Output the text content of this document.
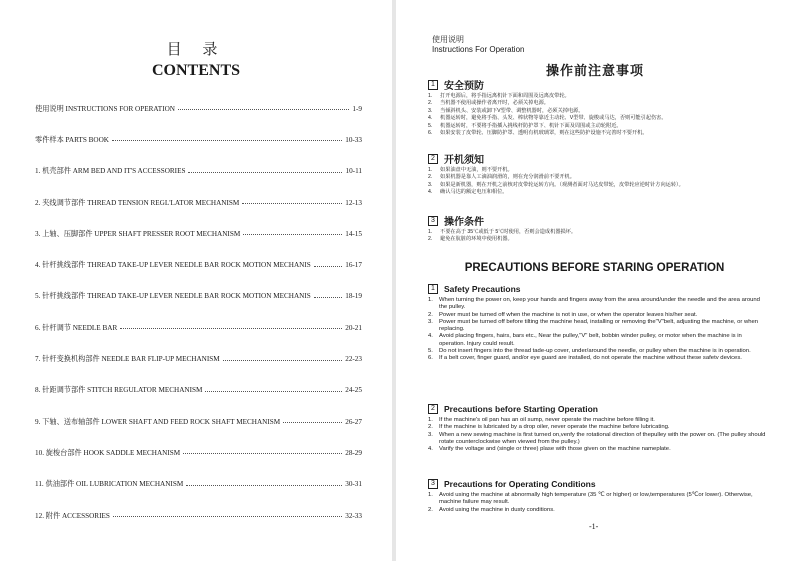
目 录
CONTENTS
使用说明 INSTRUCTIONS FOR OPERATION	1-9
零件样本 PARTS BOOK	10-33
1. 机壳部件 ARM BED AND IT'S ACCESSORIES	10-11
2. 夹线调节部件 THREAD TENSION REGL'LATOR MECHANISM	12-13
3. 上轴、压脚部件 UPPER SHAFT PRESSER ROOT MECHANISM	14-15
4. 针杆挑线部件 THREAD TAKE-UP LEVER NEEDLE BAR ROCK MOTION MECHANIS	16-17
5. 针杆挑线部件 THREAD TAKE-UP LEVER NEEDLE BAR ROCK MOTION MECHANIS	18-19
6. 针杆调节 NEEDLE BAR	20-21
7. 针杆变换机构部件 NEEDLE BAR FLIP-UP MECHANISM	22-23
8. 针距调节部件 STITCH REGULATOR MECHANISM	24-25
9. 下轴、送布轴部件 LOWER SHAFT AND FEED ROCK SHAFT MECHANISM	26-27
10. 旋梭台部件 HOOK SADDLE MECHANISM	28-29
11. 供油部件 OIL LUBRICATION MECHANISM	30-31
12. 附件 ACCESSORIES	32-33
使用说明
Instructions For Operation
操作前注意事项
1 安全预防
1.	打开电源后，将手指远离机针下面和周围及远离皮带轮。
2.	当机器不使用或操作者离开时，必须关掉电源。
3.	当倾斜机头、安装或卸下V型带、调整机器时，必须关掉电源。
4.	机器运转时，避免将手指、头发、棒状物等靠近主动轮、V型带、旋梭或马达，否则可能引起伤害。
5.	机器运转时，不要将手指插入挑线杆防护罩下、机针下面及周围或主动轮附近。
6.	如果安装了皮带轮、压脚防护罩、透明有机玻璃罩，则在这些防护设施不完善时不要开机。
2 开机须知
1.	如果油盘中无油，则不要开机。
2.	如果机器是靠人工滴油润滑的，则在充分润滑前不要开机。
3.	如果是新机器，则在开机之前核对皮带轮运转方向。（观测者面对马达皮带轮，皮带轮应逆时针方向运转）。
4.	确认马达的额定电压和相位。
3 操作条件
1.	不要在高于 35℃或低于 5℃时使用，否则会造成机器损坏。
2.	避免在肮脏的环境中使用机器。
PRECAUTIONS BEFORE STARING OPERATION
1	Safety Precautions
1.	When turning the power on, keep your hands and fingers away from the area around/under the needle and the area around the pulley.
2.	Power must be turned off when the machine is not in use, or when the operator leaves his/her seat.
3.	Power must be turned off before tilting the machine head, installing or removing the"V"belt, adjusting the machine, or when replacing.
4.	Avoid placing fingers, hairs, bars etc., Near the pulley,"V" belt, bobbin winder pulley, or motor when the machine is in operation. Injury could result.
5.	Do not insert fingers into the thread tade-up cover, under/around the needle, or pulley when the machine is in operation.
6.	If a belt cover, finger guard, and/or eye guard are installed, do not operate the machine without these safetv devices.
2	Precautions before Starting Operation
1.	If the machine's oil pan has an oil sump, never operate the machine before filling it.
2.	If the machine is lubricated by a drop oiler, never operate the machine before lubricating.
3.	When a new sewing machine is first turned on,venfy the rotational direction of thepulley with the power on. (The pulley should rotate counterclockwise when viewed from the pulley.)
4.	Varify the voltage and (single or three) plase with those given on the machine nameplate.
3	Precautions for Operating Conditions
1.	Avoid using the machine at abnormally high temperature (35 ℃ or higher) or low,temperatures (5℃or lower). Otherwise, machine failure may result.
2.	Avoid using the machine in dusty conditions.
-1-
